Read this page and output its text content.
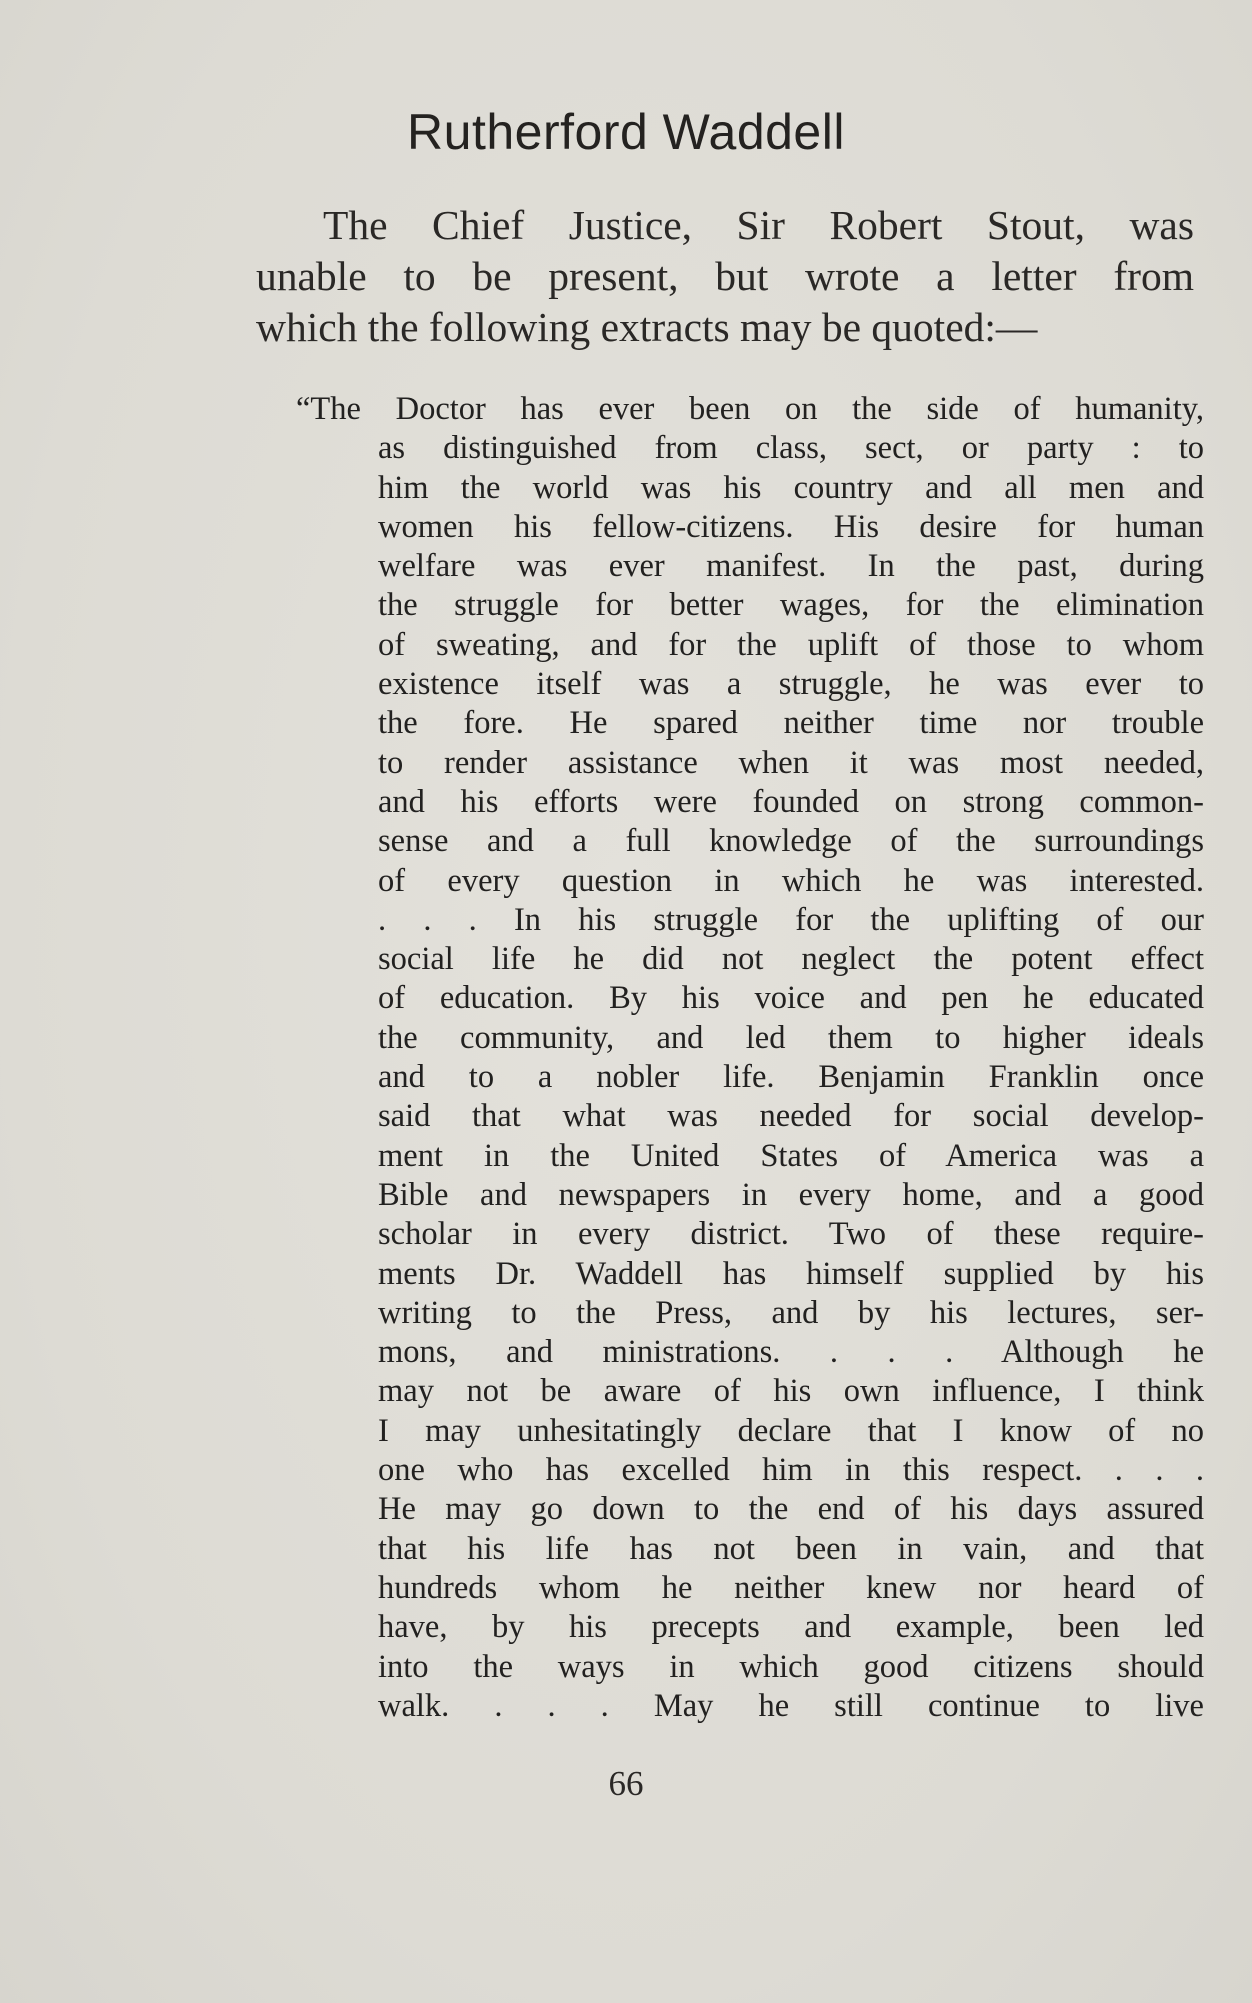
Rutherford Waddell
The Chief Justice, Sir Robert Stout, was
unable to be present, but wrote a letter from
which the following extracts may be quoted:—
“The Doctor has ever been on the side of humanity,
as distinguished from class, sect, or party : to
him the world was his country and all men and
women his fellow-citizens. His desire for human
welfare was ever manifest. In the past, during
the struggle for better wages, for the elimination
of sweating, and for the uplift of those to whom
existence itself was a struggle, he was ever to
the fore. He spared neither time nor trouble
to render assistance when it was most needed,
and his efforts were founded on strong common-
sense and a full knowledge of the surroundings
of every question in which he was interested.
. . . In his struggle for the uplifting of our
social life he did not neglect the potent effect
of education. By his voice and pen he educated
the community, and led them to higher ideals
and to a nobler life. Benjamin Franklin once
said that what was needed for social develop-
ment in the United States of America was a
Bible and newspapers in every home, and a good
scholar in every district. Two of these require-
ments Dr. Waddell has himself supplied by his
writing to the Press, and by his lectures, ser-
mons, and ministrations. . . . Although he
may not be aware of his own influence, I think
I may unhesitatingly declare that I know of no
one who has excelled him in this respect. . . .
He may go down to the end of his days assured
that his life has not been in vain, and that
hundreds whom he neither knew nor heard of
have, by his precepts and example, been led
into the ways in which good citizens should
walk. . . . May he still continue to live
66
